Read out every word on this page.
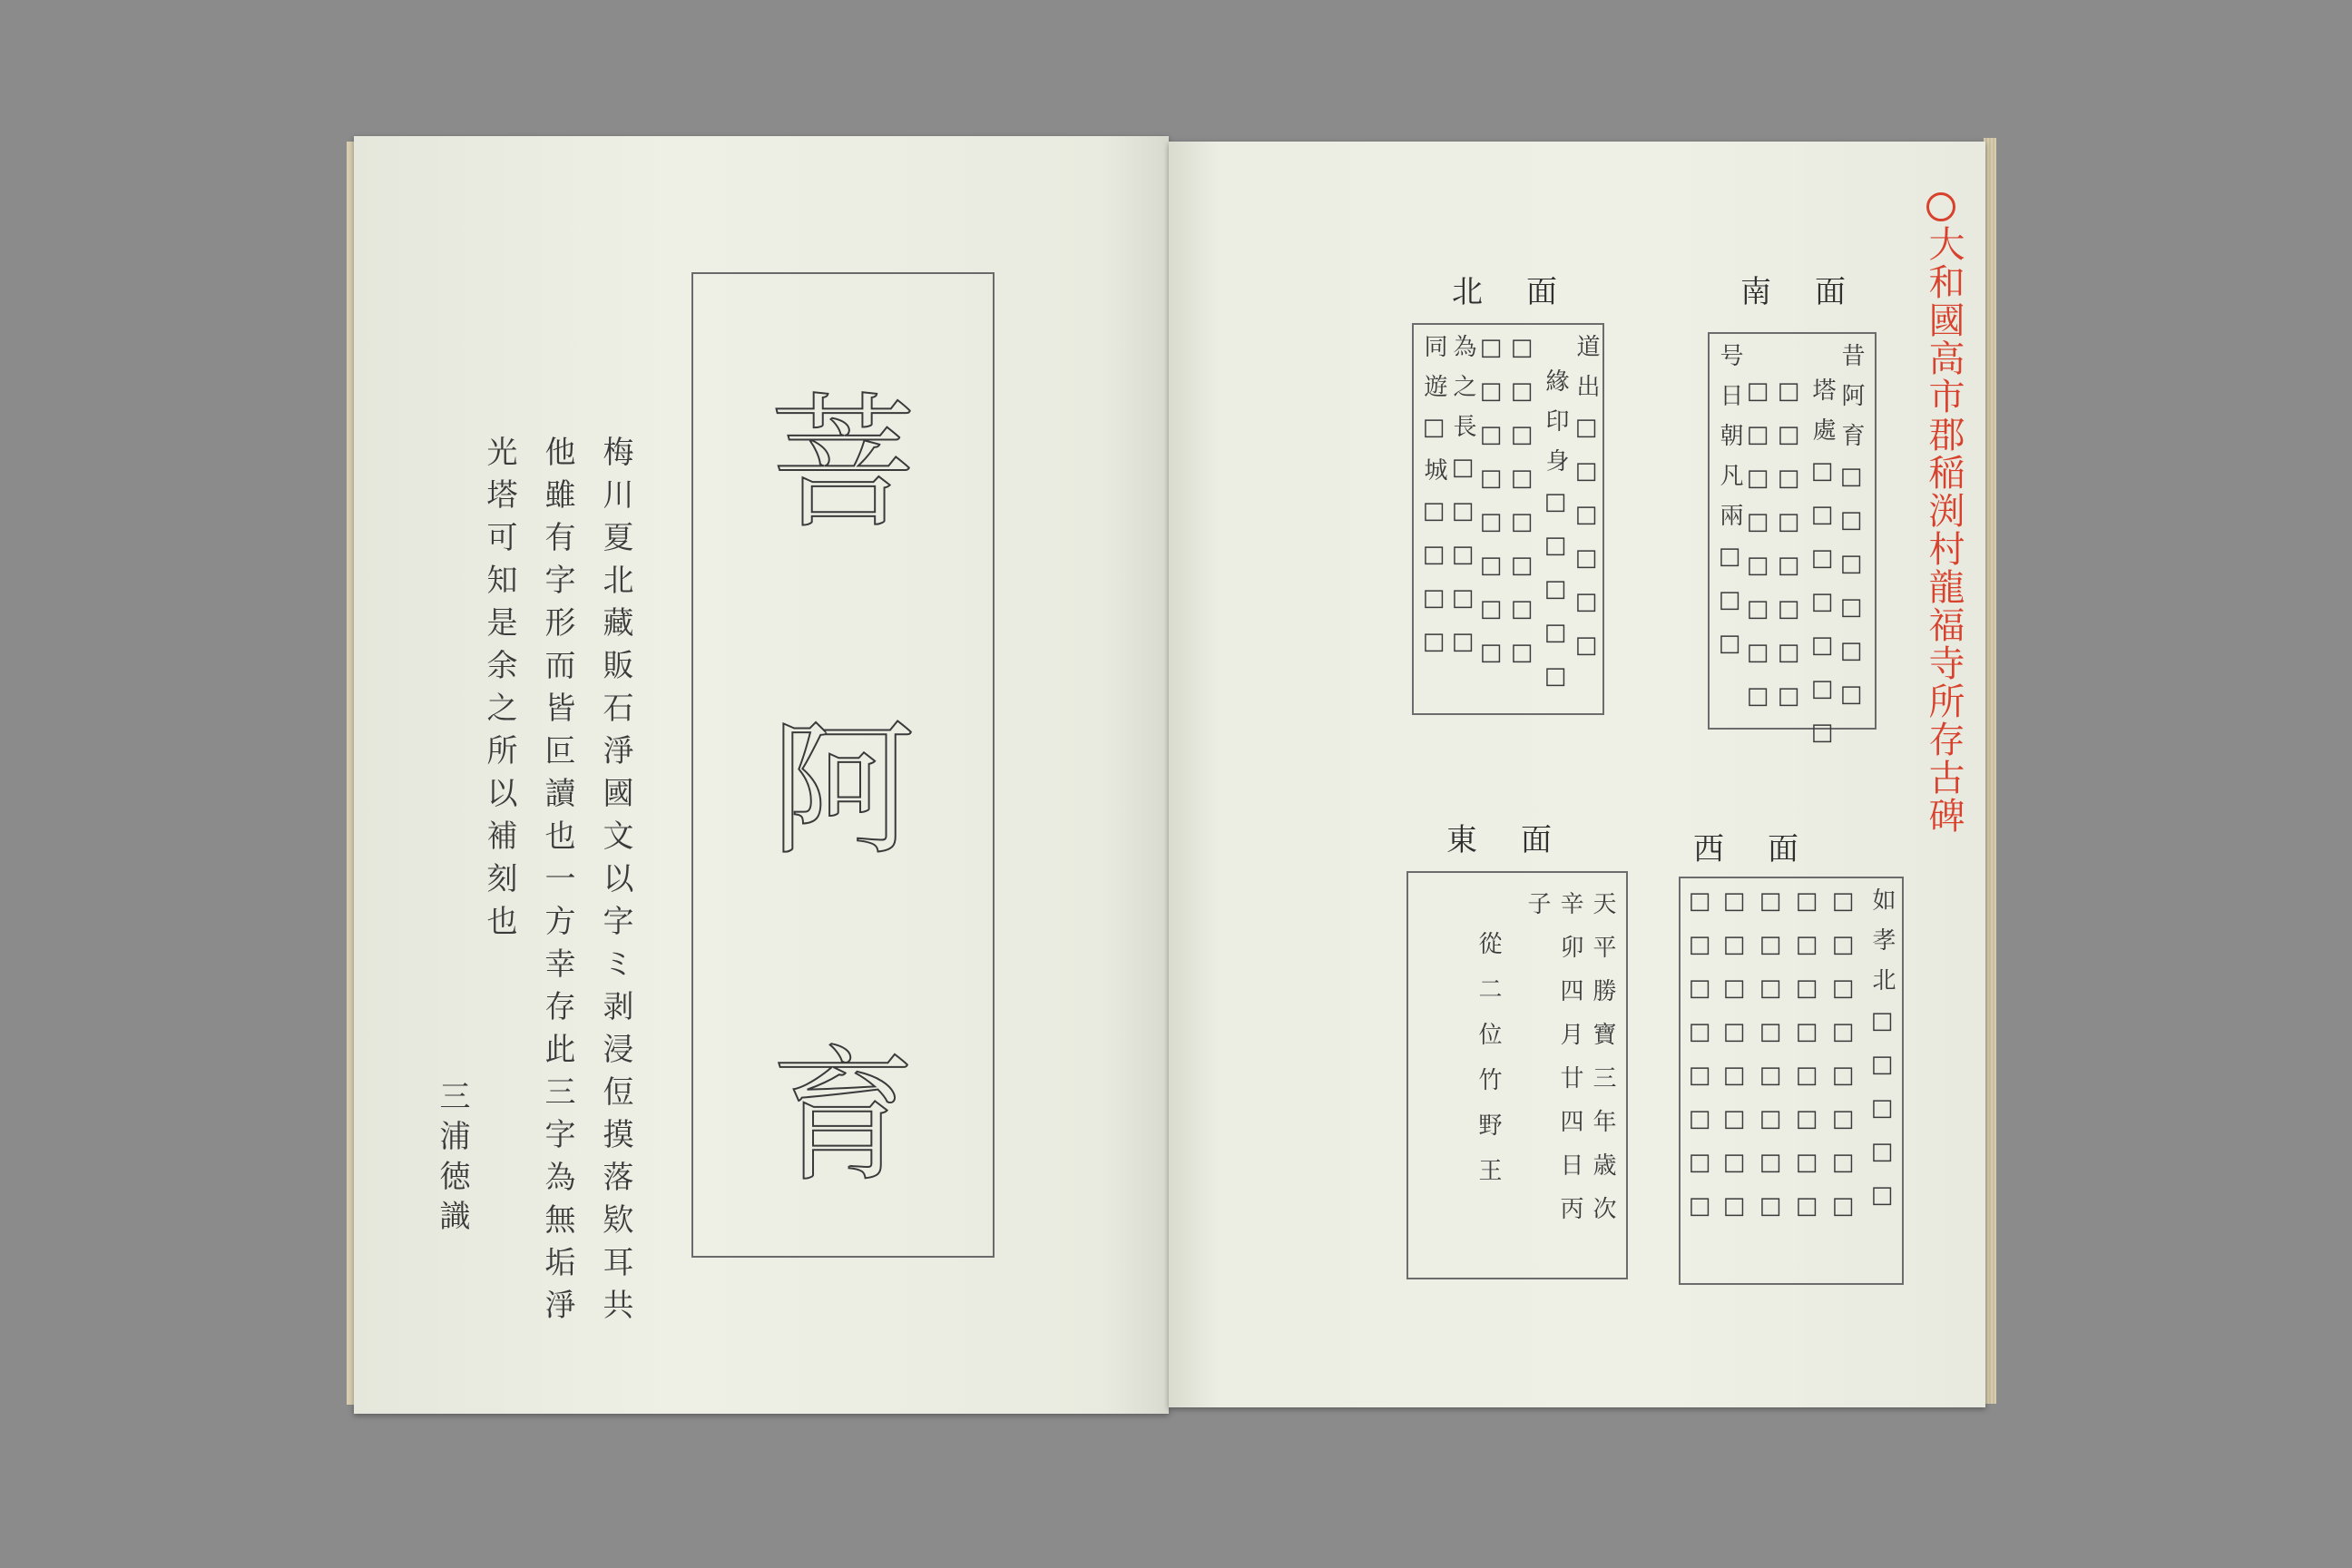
菩
阿
育
梅川夏北藏販石淨國文以字ミ剥浸侸摸落欵耳共
他雖有字形而皆叵讀也一方幸存此三字為無垢淨
光塔可知是余之所以補刻也
三浦徳識
大和國高市郡稲渕村龍福寺所存古碑
南面
昔阿育□□□□□□
塔處□□□□□□□
□□□□□□□□
□□□□□□□□
号日朝凡兩□□□
北面
道出□□□□□□
緣印身□□□□□
□□□□□□□□
□□□□□□□□
為之長□□□□□
同遊□城□□□□
西面
如孝北□□□□□
□□□□□□□□
□□□□□□□□
□□□□□□□□
□□□□□□□□
□□□□□□□□
東面
天平勝寶三年歳次
辛卯四月廿四日丙
子
從二位竹野王
